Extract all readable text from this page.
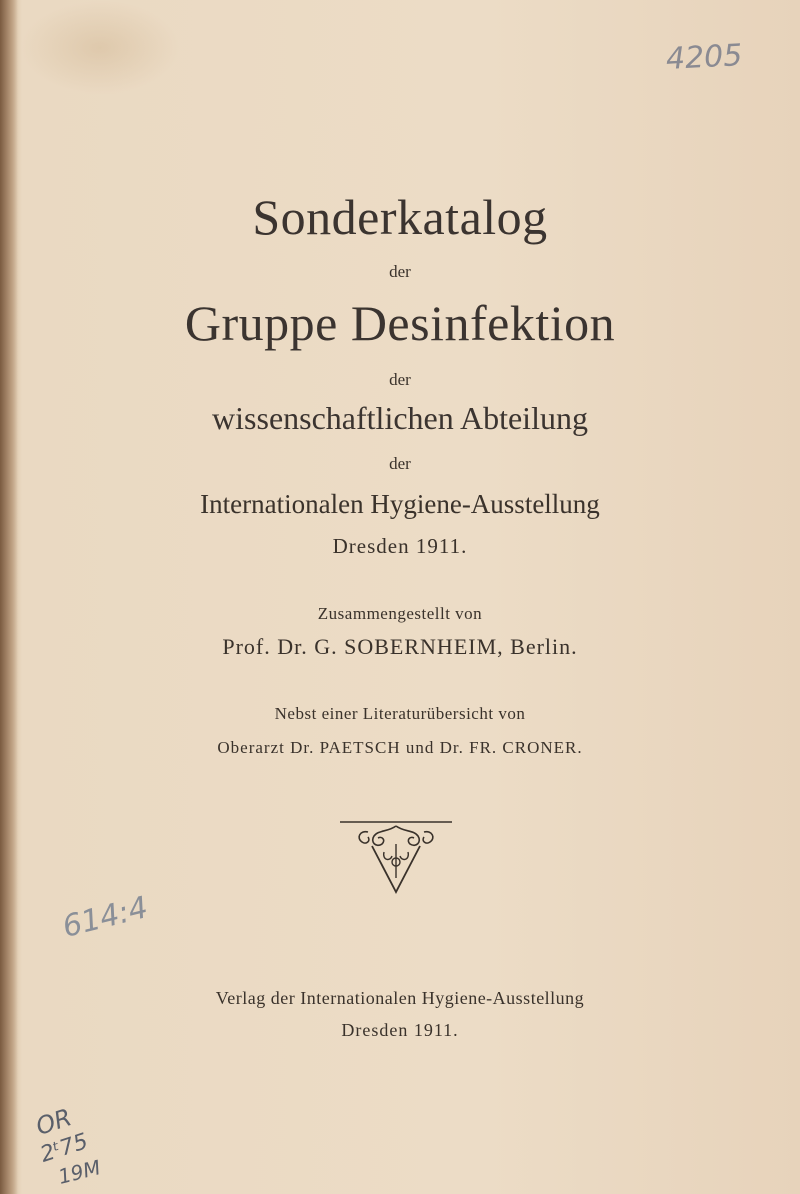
4205
Sonderkatalog
der
Gruppe Desinfektion
der
wissenschaftlichen Abteilung
der
Internationalen Hygiene-Ausstellung
Dresden 1911.
Zusammengestellt von
Prof. Dr. G. SOBERNHEIM, Berlin.
Nebst einer Literaturübersicht von
Oberarzt Dr. PAETSCH und Dr. FR. CRONER.
614:4
Verlag der Internationalen Hygiene-Ausstellung
Dresden 1911.
OR
2ᵗ75
19M
